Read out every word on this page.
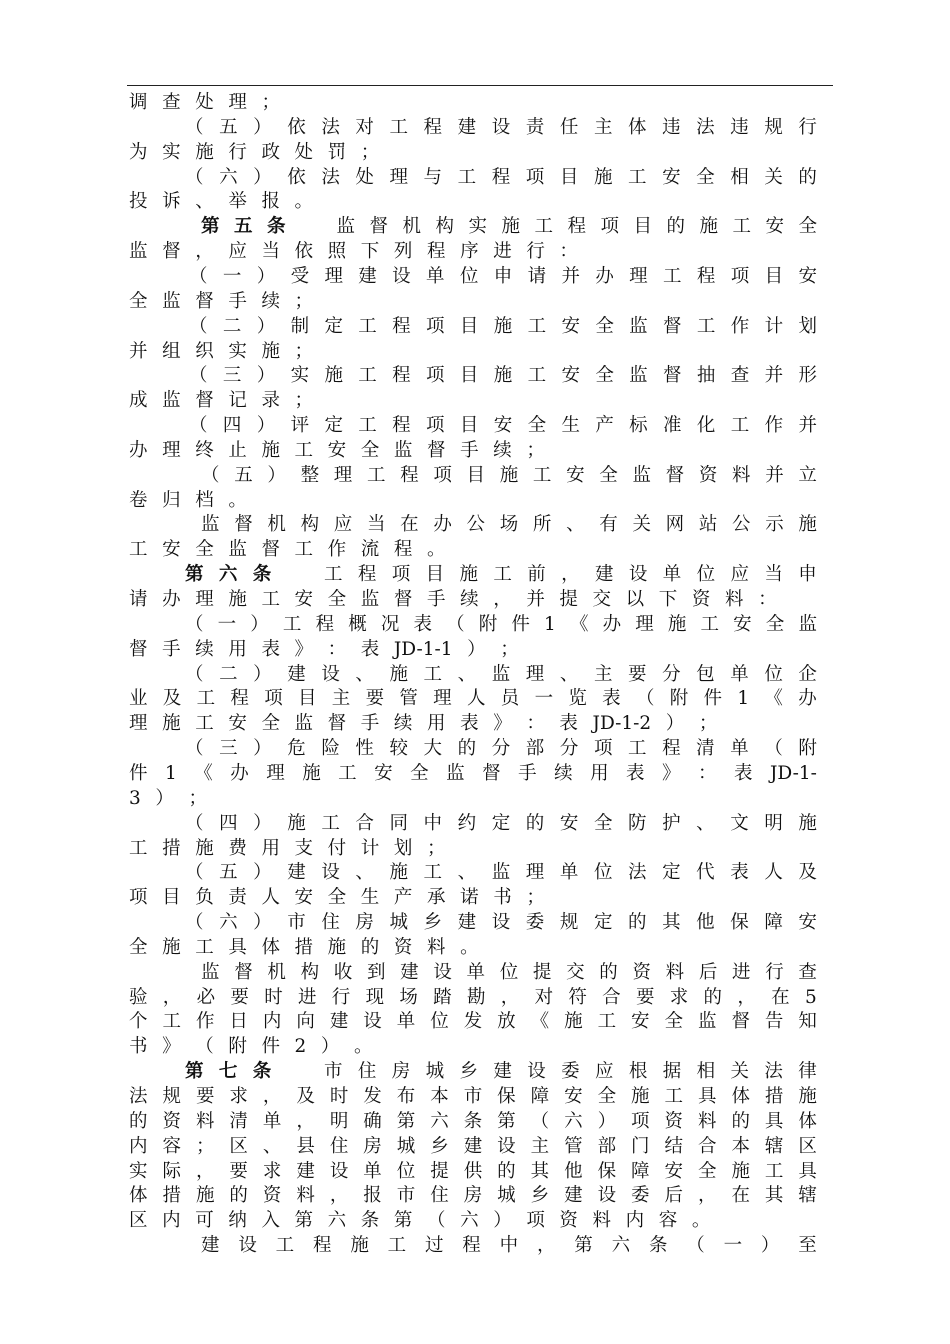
调 查 处 理 ；
（ 五 ） 依 法 对 工 程 建 设 责 任 主 体 违 法 违 规 行
为 实 施 行 政 处 罚 ；
（ 六 ） 依 法 处 理 与 工 程 项 目 施 工 安 全 相 关 的
投 诉 、 举 报 。
第 五 条	监 督 机 构 实 施 工 程 项 目 的 施 工 安 全
监 督 ， 应 当 依 照 下 列 程 序 进 行 ：
（ 一 ） 受 理 建 设 单 位 申 请 并 办 理 工 程 项 目 安
全 监 督 手 续 ；
（ 二 ） 制 定 工 程 项 目 施 工 安 全 监 督 工 作 计 划
并 组 织 实 施 ；
（ 三 ） 实 施 工 程 项 目 施 工 安 全 监 督 抽 查 并 形
成 监 督 记 录 ；
（ 四 ） 评 定 工 程 项 目 安 全 生 产 标 准 化 工 作 并
办 理 终 止 施 工 安 全 监 督 手 续 ；
（ 五 ） 整 理 工 程 项 目 施 工 安 全 监 督 资 料 并 立
卷 归 档 。
监 督 机 构 应 当 在 办 公 场 所 、 有 关 网 站 公 示 施
工 安 全 监 督 工 作 流 程 。
第 六 条	工 程 项 目 施 工 前 ， 建 设 单 位 应 当 申
请 办 理 施 工 安 全 监 督 手 续 ， 并 提 交 以 下 资 料 ：
（ 一 ） 工 程 概 况 表 （ 附 件 1 《 办 理 施 工 安 全 监
督 手 续 用 表 》 ： 表 JD-1-1 ） ；
（ 二 ） 建 设 、 施 工 、 监 理 、 主 要 分 包 单 位 企
业 及 工 程 项 目 主 要 管 理 人 员 一 览 表 （ 附 件 1 《 办
理 施 工 安 全 监 督 手 续 用 表 》 ： 表 JD-1-2 ） ；
（ 三 ） 危 险 性 较 大 的 分 部 分 项 工 程 清 单 （ 附
件 1 《 办 理 施 工 安 全 监 督 手 续 用 表 》 ： 表 JD-1-
3 ） ；
（ 四 ） 施 工 合 同 中 约 定 的 安 全 防 护 、 文 明 施
工 措 施 费 用 支 付 计 划 ；
（ 五 ） 建 设 、 施 工 、 监 理 单 位 法 定 代 表 人 及
项 目 负 责 人 安 全 生 产 承 诺 书 ；
（ 六 ） 市 住 房 城 乡 建 设 委 规 定 的 其 他 保 障 安
全 施 工 具 体 措 施 的 资 料 。
监 督 机 构 收 到 建 设 单 位 提 交 的 资 料 后 进 行 查
验 ， 必 要 时 进 行 现 场 踏 勘 ， 对 符 合 要 求 的 ， 在 5
个 工 作 日 内 向 建 设 单 位 发 放 《 施 工 安 全 监 督 告 知
书 》 （ 附 件 2 ） 。
第 七 条	市 住 房 城 乡 建 设 委 应 根 据 相 关 法 律
法 规 要 求 ， 及 时 发 布 本 市 保 障 安 全 施 工 具 体 措 施
的 资 料 清 单 ， 明 确 第 六 条 第 （ 六 ） 项 资 料 的 具 体
内 容 ； 区 、 县 住 房 城 乡 建 设 主 管 部 门 结 合 本 辖 区
实 际 ， 要 求 建 设 单 位 提 供 的 其 他 保 障 安 全 施 工 具
体 措 施 的 资 料 ， 报 市 住 房 城 乡 建 设 委 后 ， 在 其 辖
区 内 可 纳 入 第 六 条 第 （ 六 ） 项 资 料 内 容 。
建 设 工 程 施 工 过 程 中 ， 第 六 条 （ 一 ） 至
